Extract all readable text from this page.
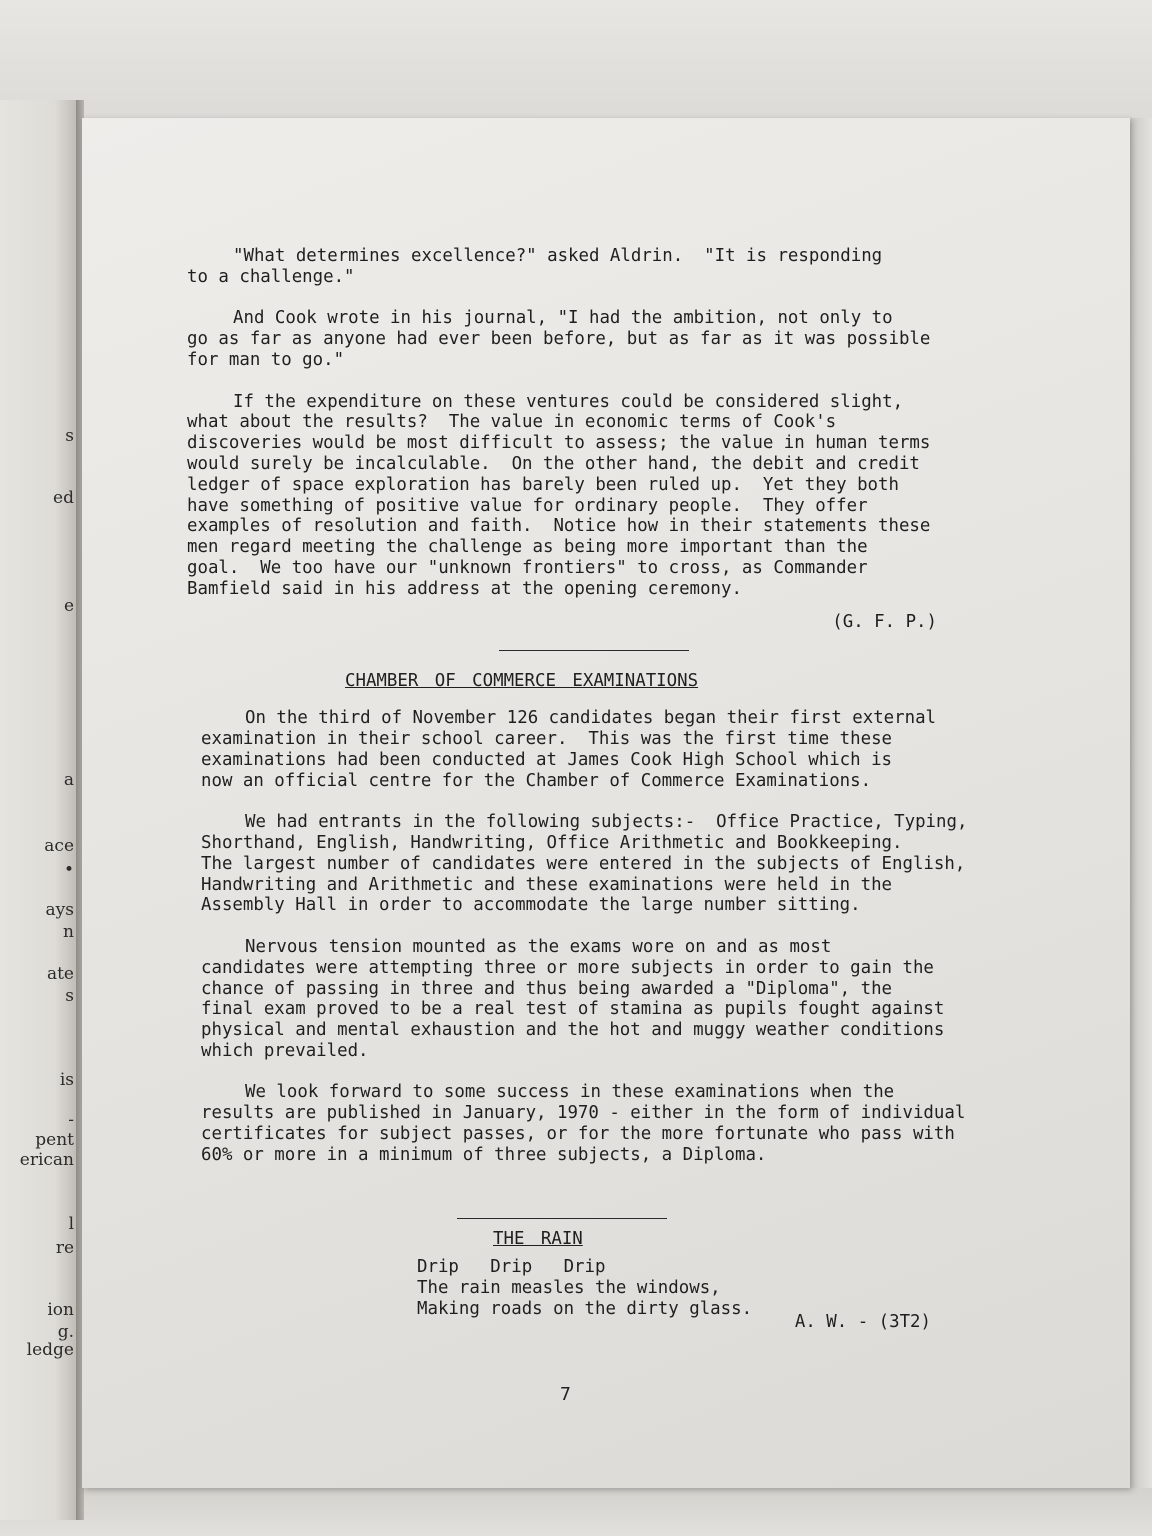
s
ed
e
a
ace
•
ays
n
ate
s
is
-
pent
erican
l
re
ion
g.
ledge

"What determines excellence?" asked Aldrin.  "It is responding

to a challenge."

And Cook wrote in his journal, "I had the ambition, not only to

go as far as anyone had ever been before, but as far as it was possible

for man to go."

If the expenditure on these ventures could be considered slight,

what about the results?  The value in economic terms of Cook's

discoveries would be most difficult to assess; the value in human terms

would surely be incalculable.  On the other hand, the debit and credit

ledger of space exploration has barely been ruled up.  Yet they both

have something of positive value for ordinary people.  They offer

examples of resolution and faith.  Notice how in their statements these

men regard meeting the challenge as being more important than the

goal.  We too have our "unknown frontiers" to cross, as Commander

Bamfield said in his address at the opening ceremony.

(G. F. P.)

CHAMBER OF COMMERCE EXAMINATIONS

On the third of November 126 candidates began their first external

examination in their school career.  This was the first time these

examinations had been conducted at James Cook High School which is

now an official centre for the Chamber of Commerce Examinations.

We had entrants in the following subjects:-  Office Practice, Typing,

Shorthand, English, Handwriting, Office Arithmetic and Bookkeeping.

The largest number of candidates were entered in the subjects of English,

Handwriting and Arithmetic and these examinations were held in the

Assembly Hall in order to accommodate the large number sitting.

Nervous tension mounted as the exams wore on and as most

candidates were attempting three or more subjects in order to gain the

chance of passing in three and thus being awarded a "Diploma", the

final exam proved to be a real test of stamina as pupils fought against

physical and mental exhaustion and the hot and muggy weather conditions

which prevailed.

We look forward to some success in these examinations when the

results are published in January, 1970 - either in the form of individual

certificates for subject passes, or for the more fortunate who pass with

60% or more in a minimum of three subjects, a Diploma.

THE RAIN

Drip   Drip   Drip

The rain measles the windows,

Making roads on the dirty glass.

A. W. - (3T2)

7
